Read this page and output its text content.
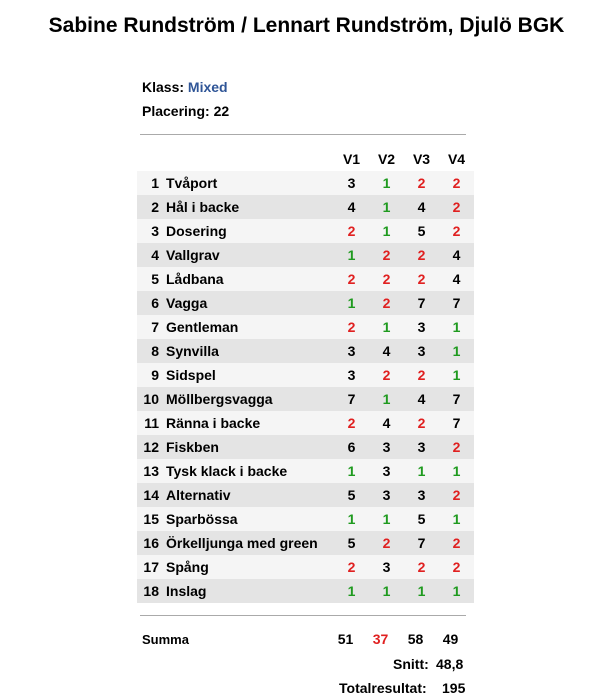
Sabine Rundström / Lennart Rundström, Djulö BGK
Klass: Mixed
Placering: 22
		V1	V2	V3	V4
1	Tvåport	3	1	2	2
2	Hål i backe	4	1	4	2
3	Dosering	2	1	5	2
4	Vallgrav	1	2	2	4
5	Lådbana	2	2	2	4
6	Vagga	1	2	7	7
7	Gentleman	2	1	3	1
8	Synvilla	3	4	3	1
9	Sidspel	3	2	2	1
10	Möllbergsvagga	7	1	4	7
11	Ränna i backe	2	4	2	7
12	Fiskben	6	3	3	2
13	Tysk klack i backe	1	3	1	1
14	Alternativ	5	3	3	2
15	Sparbössa	1	1	5	1
16	Örkelljunga med green	5	2	7	2
17	Spång	2	3	2	2
18	Inslag	1	1	1	1
Summa	51	37	58	49
Snitt: 48,8
Totalresultat: 195
